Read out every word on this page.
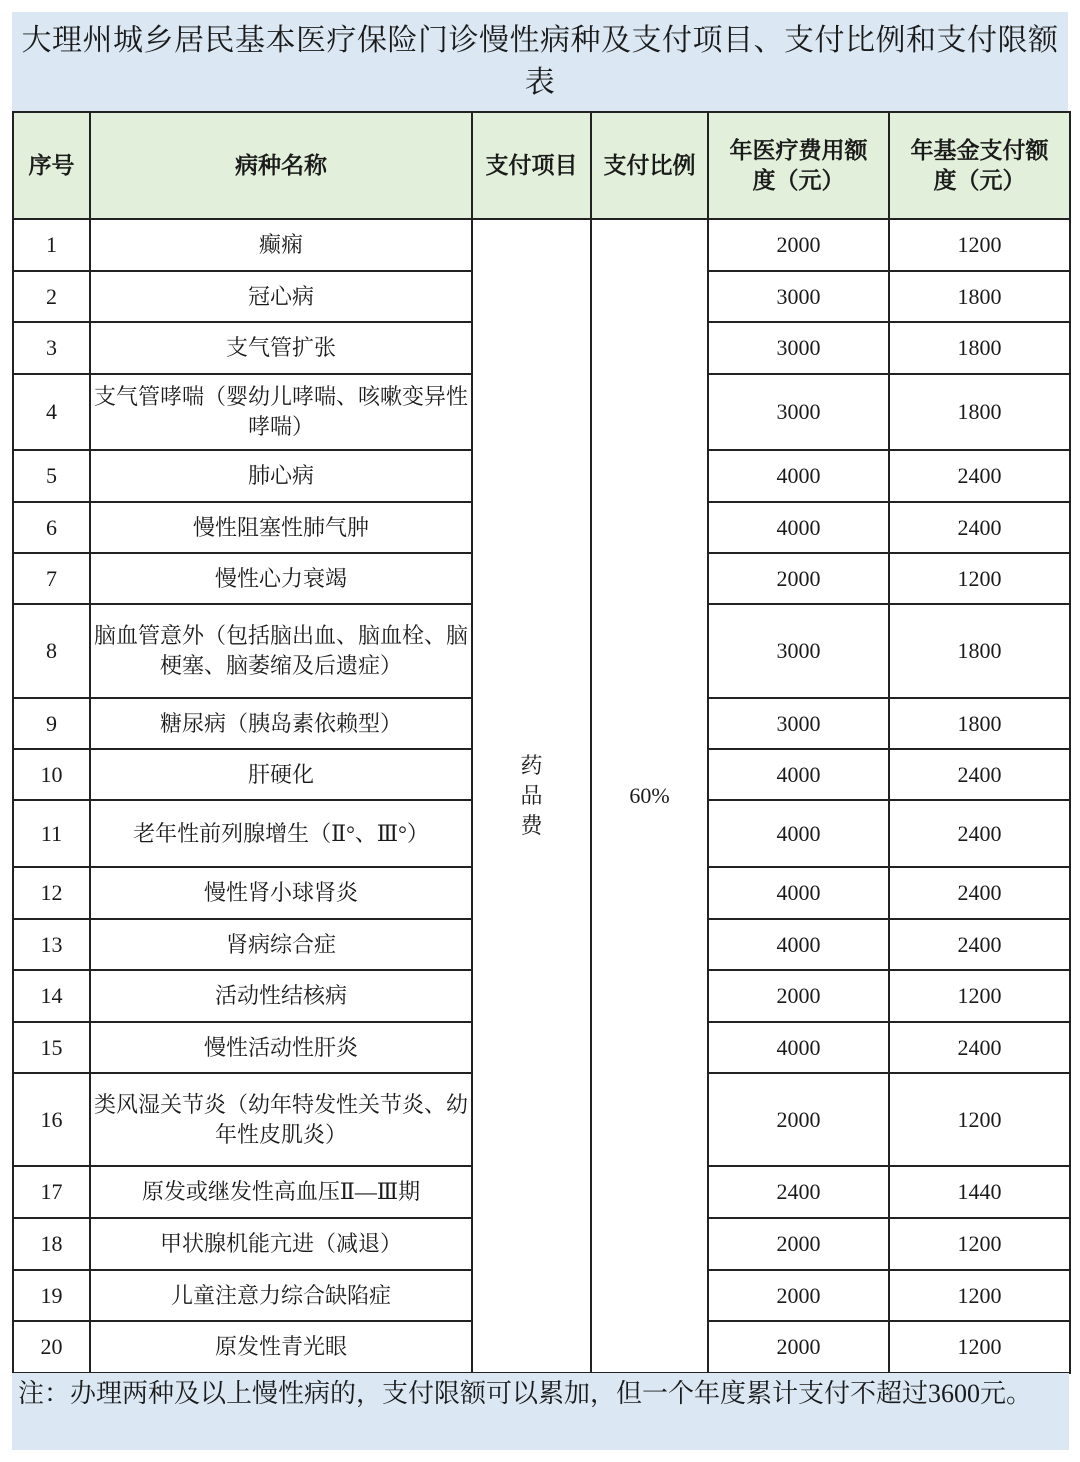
大理州城乡居民基本医疗保险门诊慢性病种及支付项目、支付比例和支付限额表
序号	病种名称	支付项目	支付比例	年医疗费用额度（元）	年基金支付额度（元）
1	癫痫	药品费	60%	2000	1200
2	冠心病			3000	1800
3	支气管扩张			3000	1800
4	支气管哮喘（婴幼儿哮喘、咳嗽变异性哮喘）			3000	1800
5	肺心病			4000	2400
6	慢性阻塞性肺气肿			4000	2400
7	慢性心力衰竭			2000	1200
8	脑血管意外（包括脑出血、脑血栓、脑梗塞、脑萎缩及后遗症）			3000	1800
9	糖尿病（胰岛素依赖型）			3000	1800
10	肝硬化			4000	2400
11	老年性前列腺增生（Ⅱ°、Ⅲ°）			4000	2400
12	慢性肾小球肾炎			4000	2400
13	肾病综合症			4000	2400
14	活动性结核病			2000	1200
15	慢性活动性肝炎			4000	2400
16	类风湿关节炎（幼年特发性关节炎、幼年性皮肌炎）			2000	1200
17	原发或继发性高血压Ⅱ—Ⅲ期			2400	1440
18	甲状腺机能亢进（减退）			2000	1200
19	儿童注意力综合缺陷症			2000	1200
20	原发性青光眼			2000	1200
注：办理两种及以上慢性病的，支付限额可以累加，但一个年度累计支付不超过3600元。
